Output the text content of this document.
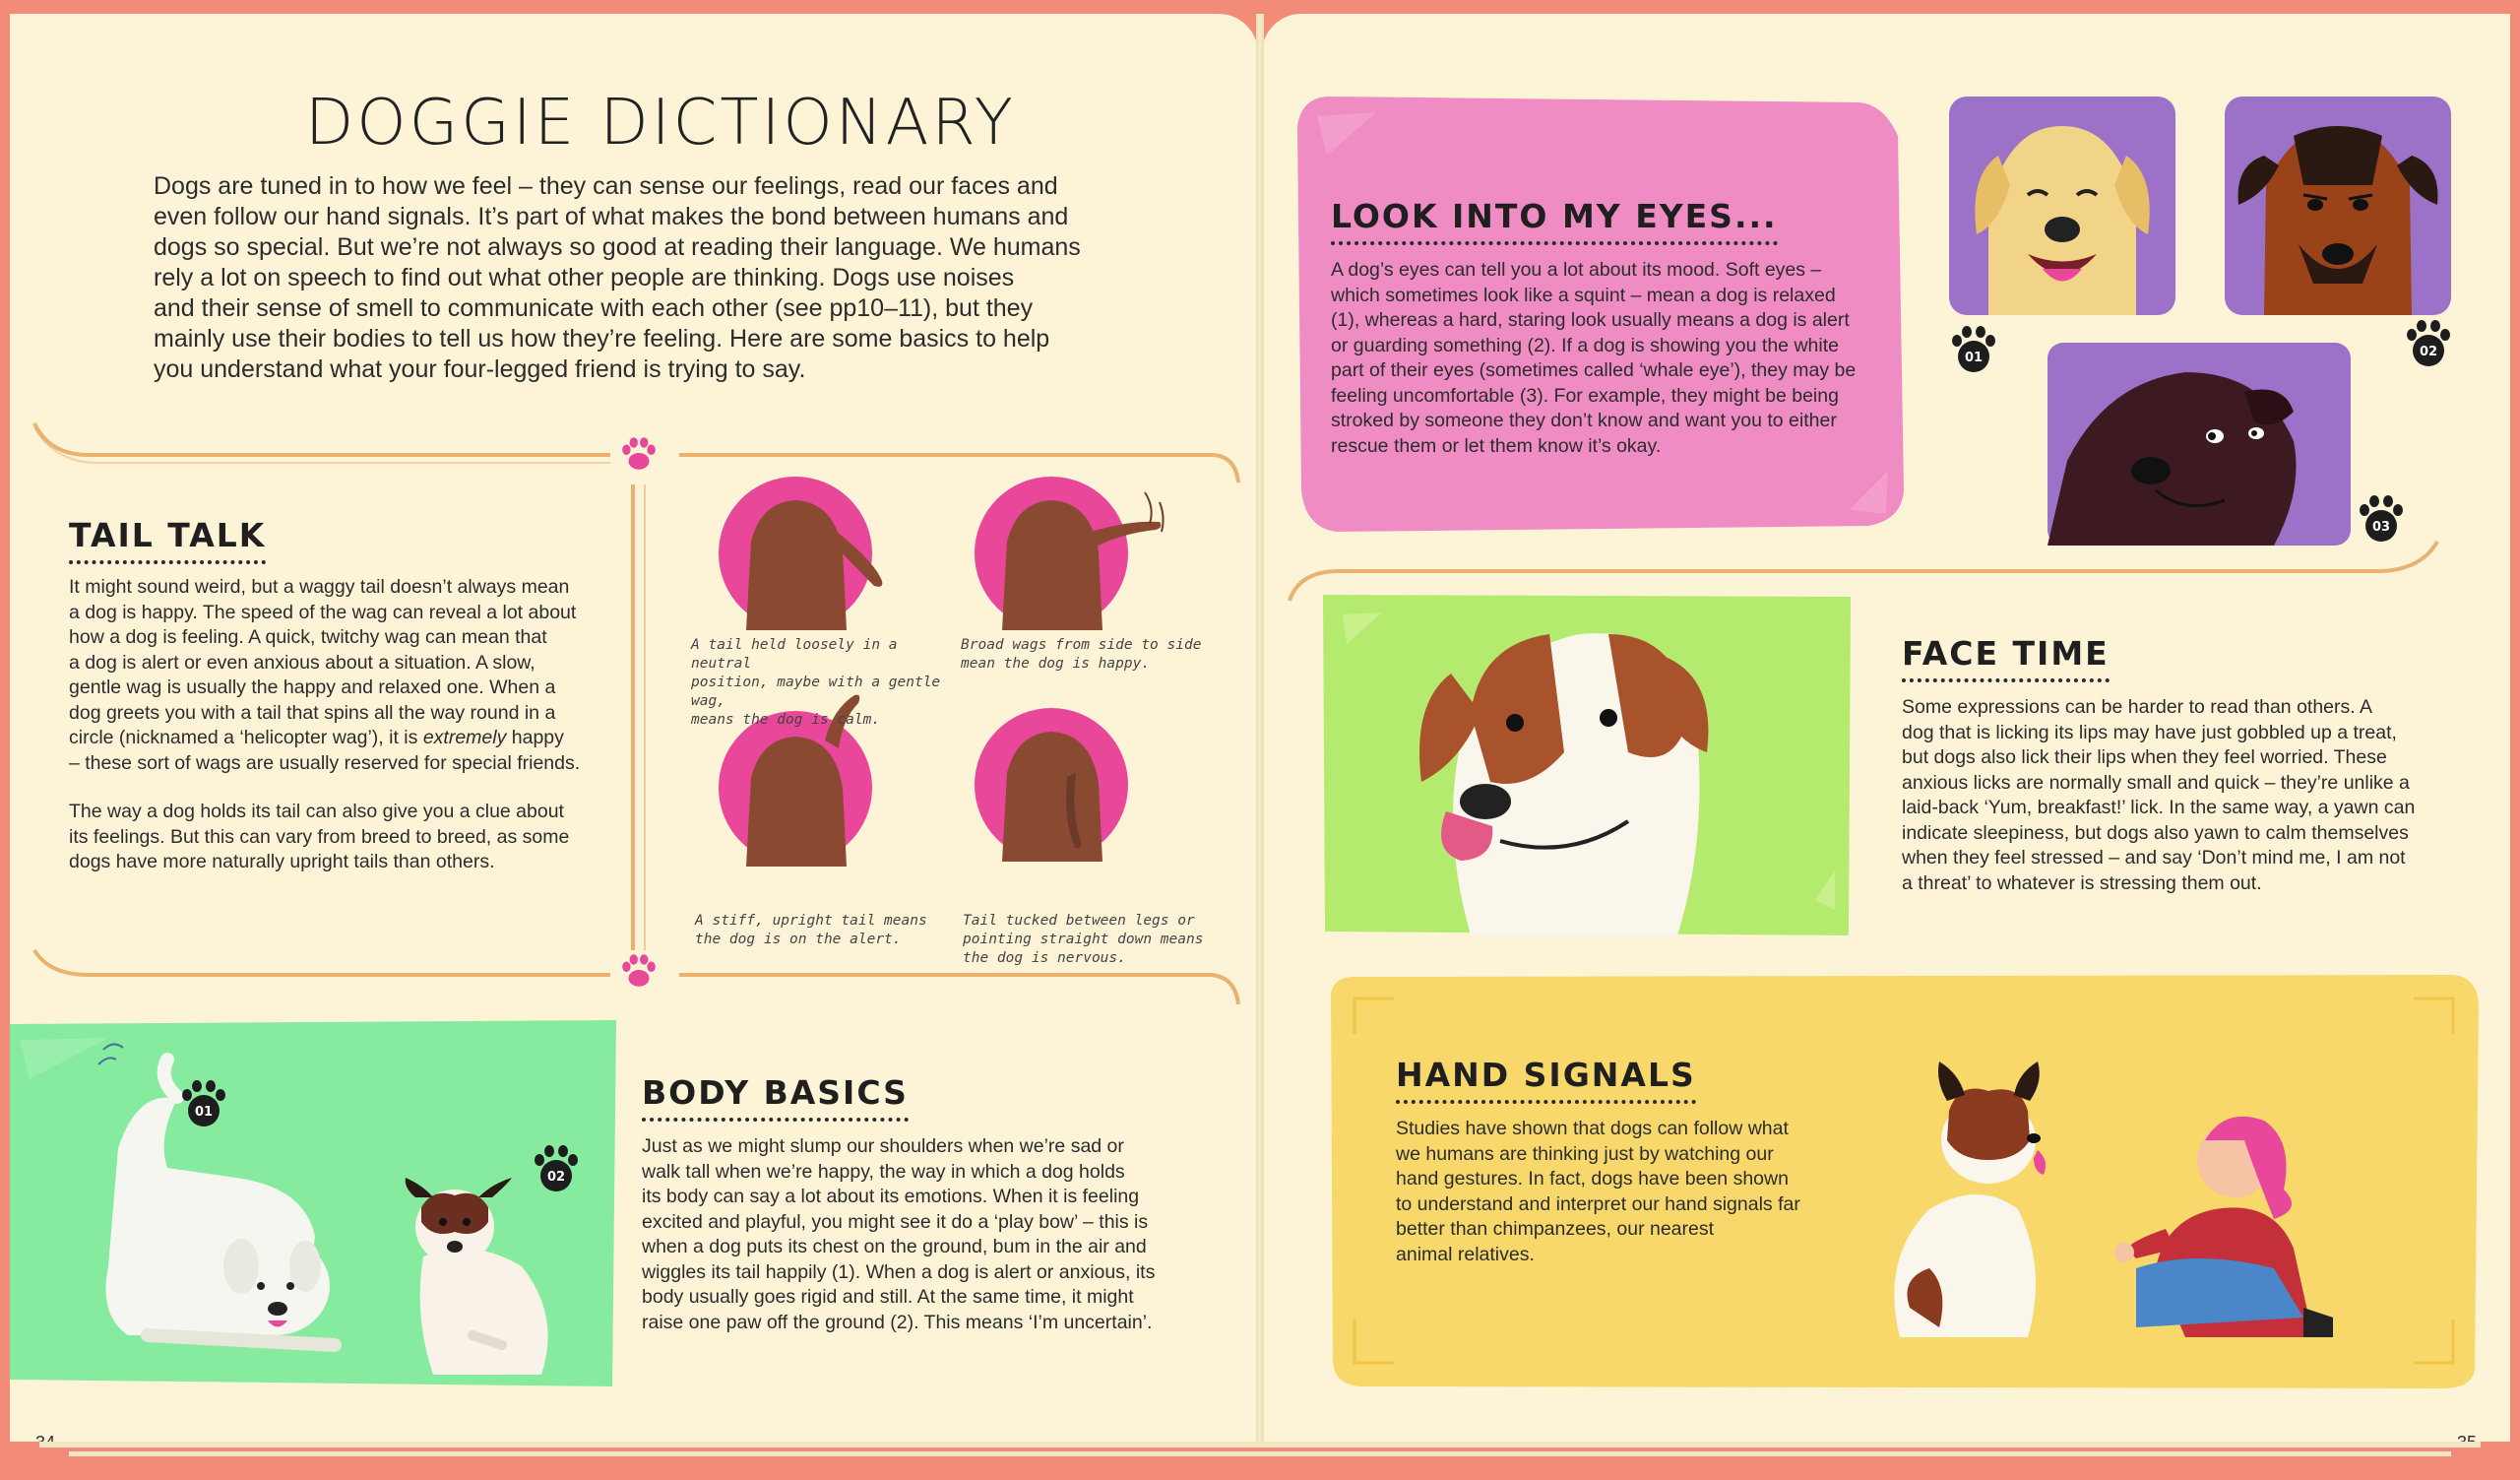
DOGGIE DICTIONARY
Dogs are tuned in to how we feel – they can sense our feelings, read our faces and
even follow our hand signals. It’s part of what makes the bond between humans and
dogs so special. But we’re not always so good at reading their language. We humans
rely a lot on speech to find out what other people are thinking. Dogs use noises
and their sense of smell to communicate with each other (see pp10–11), but they
mainly use their bodies to tell us how they’re feeling. Here are some basics to help
you understand what your four-legged friend is trying to say.
TAIL TALK
It might sound weird, but a waggy tail doesn’t always mean
a dog is happy. The speed of the wag can reveal a lot about
how a dog is feeling. A quick, twitchy wag can mean that
a dog is alert or even anxious about a situation. A slow,
gentle wag is usually the happy and relaxed one. When a
dog greets you with a tail that spins all the way round in a
circle (nicknamed a ‘helicopter wag’), it is extremely happy
– these sort of wags are usually reserved for special friends.
The way a dog holds its tail can also give you a clue about
its feelings. But this can vary from breed to breed, as some
dogs have more naturally upright tails than others.
A tail held loosely in a neutral
position, maybe with a gentle wag,
means the dog is calm.
Broad wags from side to side
mean the dog is happy.
A stiff, upright tail means
the dog is on the alert.
Tail tucked between legs or
pointing straight down means
the dog is nervous.
01
02
BODY BASICS
Just as we might slump our shoulders when we’re sad or
walk tall when we’re happy, the way in which a dog holds
its body can say a lot about its emotions. When it is feeling
excited and playful, you might see it do a ‘play bow’ – this is
when a dog puts its chest on the ground, bum in the air and
wiggles its tail happily (1). When a dog is alert or anxious, its
body usually goes rigid and still. At the same time, it might
raise one paw off the ground (2). This means ‘I’m uncertain’.
LOOK INTO MY EYES...
A dog’s eyes can tell you a lot about its mood. Soft eyes –
which sometimes look like a squint – mean a dog is relaxed
(1), whereas a hard, staring look usually means a dog is alert
or guarding something (2). If a dog is showing you the white
part of their eyes (sometimes called ‘whale eye’), they may be
feeling uncomfortable (3). For example, they might be being
stroked by someone they don’t know and want you to either
rescue them or let them know it’s okay.
01	02
03
FACE TIME
Some expressions can be harder to read than others. A
dog that is licking its lips may have just gobbled up a treat,
but dogs also lick their lips when they feel worried. These
anxious licks are normally small and quick – they’re unlike a
laid-back ‘Yum, breakfast!’ lick. In the same way, a yawn can
indicate sleepiness, but dogs also yawn to calm themselves
when they feel stressed – and say ‘Don’t mind me, I am not
a threat’ to whatever is stressing them out.
HAND SIGNALS
Studies have shown that dogs can follow what
we humans are thinking just by watching our
hand gestures. In fact, dogs have been shown
to understand and interpret our hand signals far
better than chimpanzees, our nearest
animal relatives.
